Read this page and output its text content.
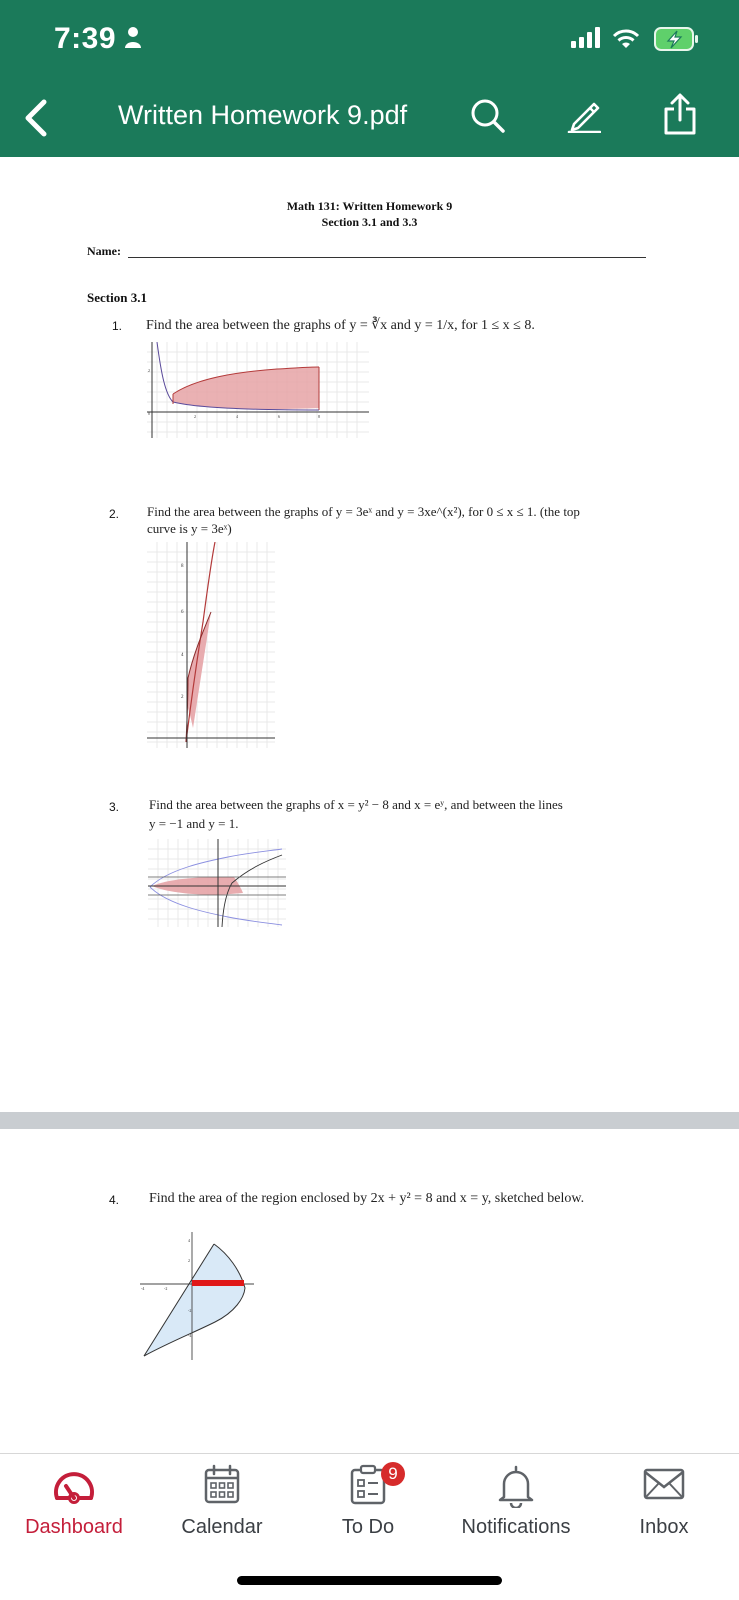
7:39
Written Homework 9.pdf
Math 131: Written Homework 9
Section 3.1 and 3.3
Name:
Section 3.1
1. Find the area between the graphs of y = ∛x and y = 1/x, for 1 ≤ x ≤ 8.
0
2	4	6	8
2
2. Find the area between the graphs of y = 3eˣ and y = 3xe^(x²), for 0 ≤ x ≤ 1. (the top
curve is y = 3eˣ)
8
6
4
2
3. Find the area between the graphs of x = y² − 8 and x = eʸ, and between the lines
y = −1 and y = 1.
4. Find the area of the region enclosed by 2x + y² = 8 and x = y, sketched below.
-4	-2
4
2
-2
-4
Dashboard	Calendar
9
To Do	Notifications	Inbox
